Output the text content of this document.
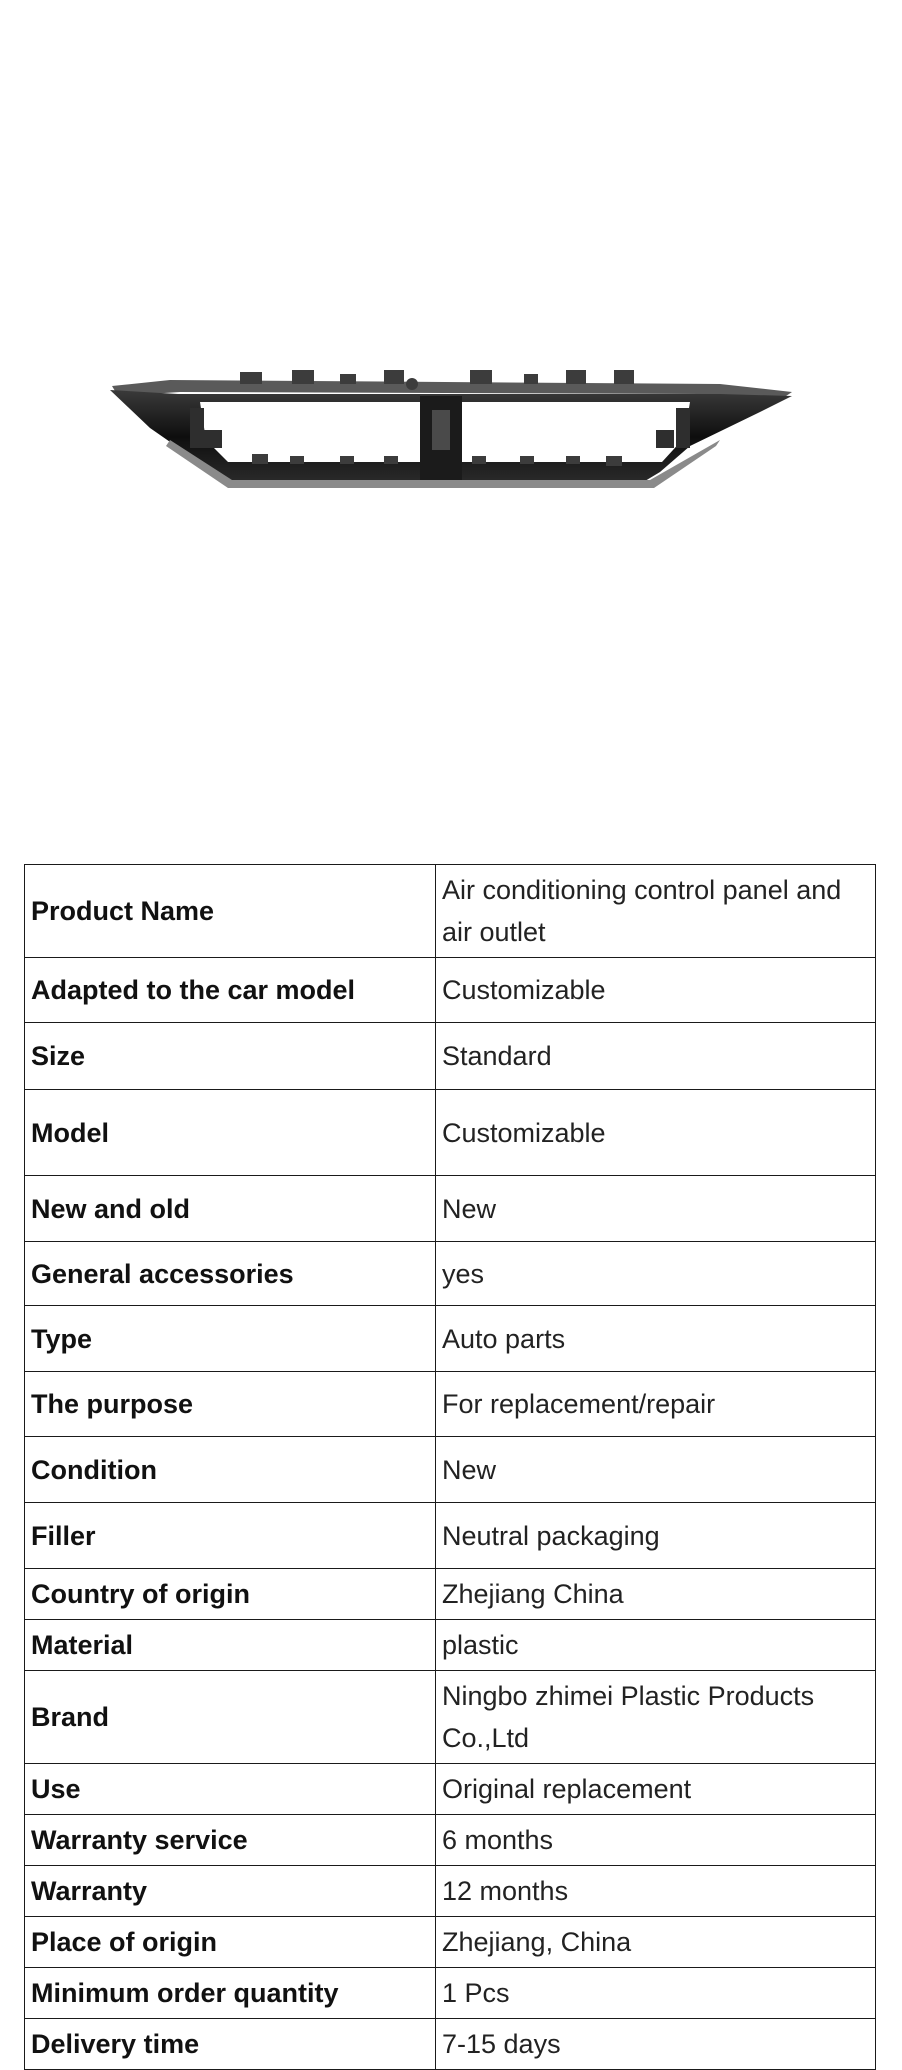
Product Name	Air conditioning control panel and air outlet
Adapted to the car model	Customizable
Size	Standard
Model	Customizable
New and old	New
General accessories	yes
Type	Auto parts
The purpose	For replacement/repair
Condition	New
Filler	Neutral packaging
Country of origin	Zhejiang China
Material	plastic
Brand	Ningbo zhimei Plastic Products Co.,Ltd
Use	Original replacement
Warranty service	6 months
Warranty	12 months
Place of origin	Zhejiang, China
Minimum order quantity	1 Pcs
Delivery time	7-15 days
